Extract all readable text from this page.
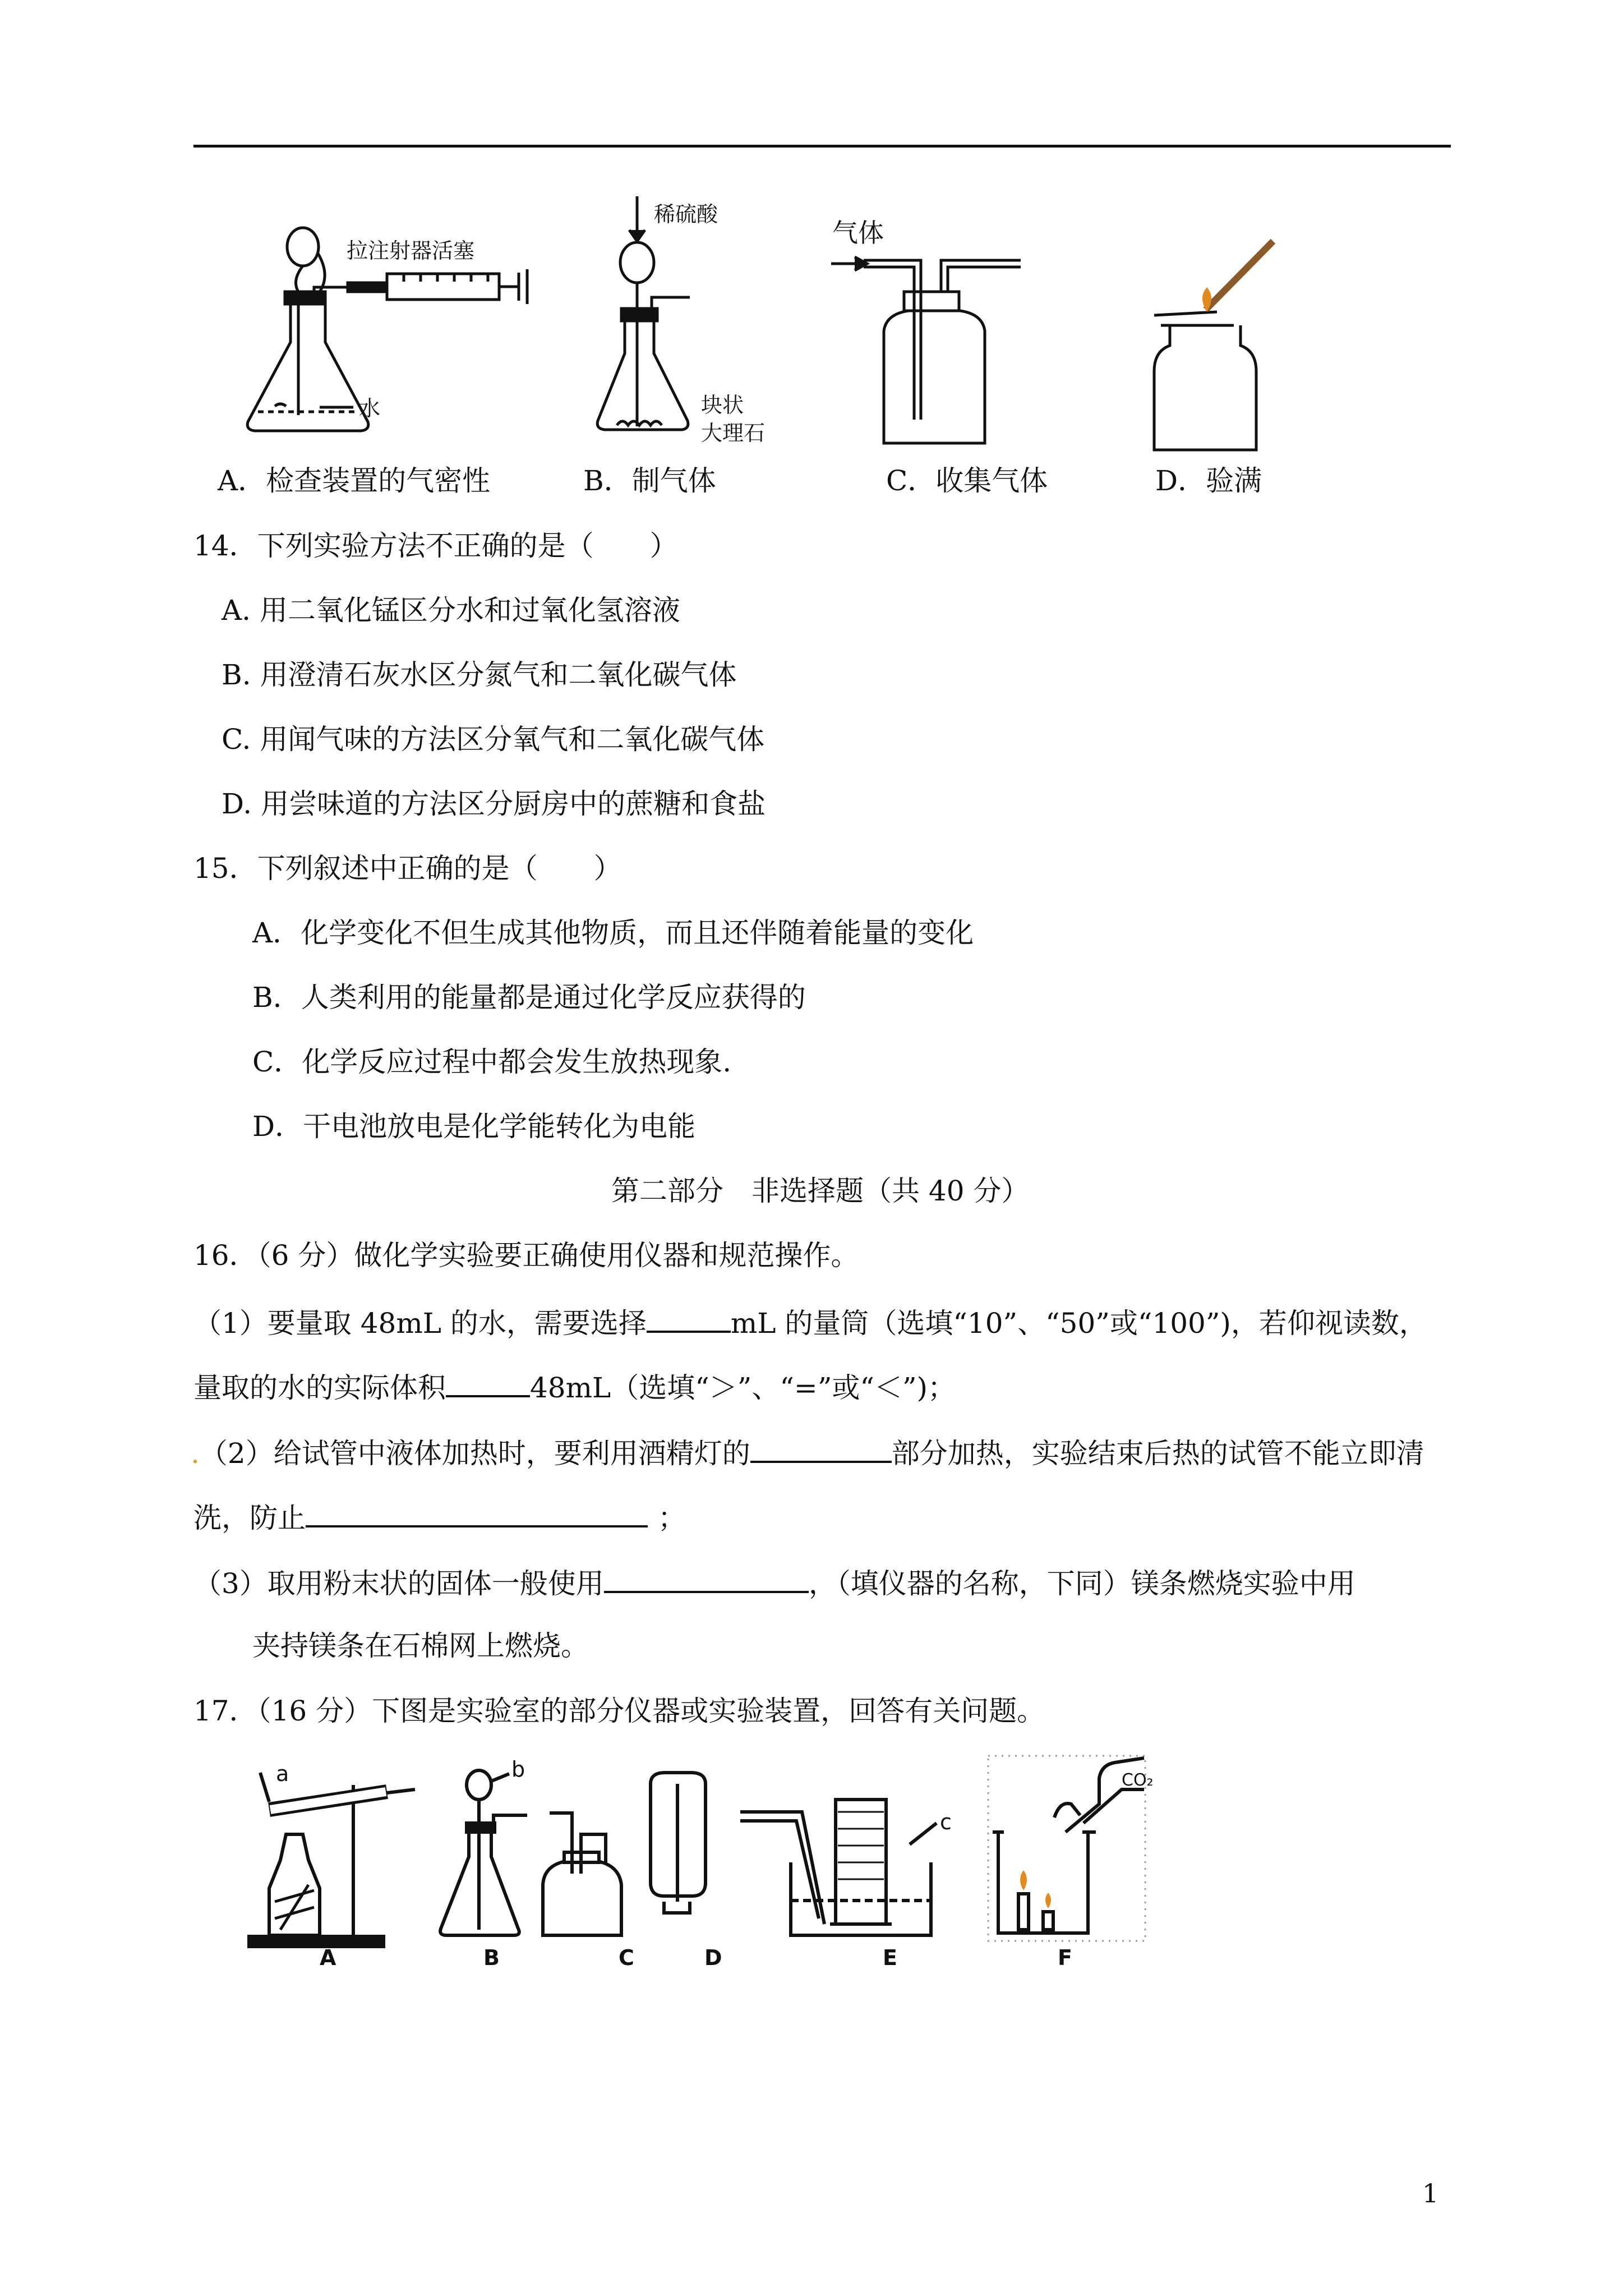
拉注射器活塞
水
稀硫酸
块状
大理石
气体
A．检查装置的气密性	B．制气体	C．收集气体	D．验满
14．下列实验方法不正确的是（　　）
A. 用二氧化锰区分水和过氧化氢溶液
B. 用澄清石灰水区分氮气和二氧化碳气体
C. 用闻气味的方法区分氧气和二氧化碳气体
D. 用尝味道的方法区分厨房中的蔗糖和食盐
15．下列叙述中正确的是（　　）
A．化学变化不但生成其他物质，而且还伴随着能量的变化
B．人类利用的能量都是通过化学反应获得的
C．化学反应过程中都会发生放热现象.
D．干电池放电是化学能转化为电能
第二部分　非选择题（共 40 分）
16．（6 分）做化学实验要正确使用仪器和规范操作。
（1）要量取 48mL 的水，需要选择	mL 的量筒（选填“10”、“50”或“100”)，若仰视读数，
量取的水的实际体积	48mL（选填“＞”、“=”或“＜”)；
.（2）给试管中液体加热时，要利用酒精灯的	部分加热，实验结束后热的试管不能立即清
洗，防止	；
（3）取用粉末状的固体一般使用	，（填仪器的名称，下同）镁条燃烧实验中用
夹持镁条在石棉网上燃烧。
17．（16 分）下图是实验室的部分仪器或实验装置，回答有关问题。
a	b
c
CO₂
A	B	C	D	E	F
1
